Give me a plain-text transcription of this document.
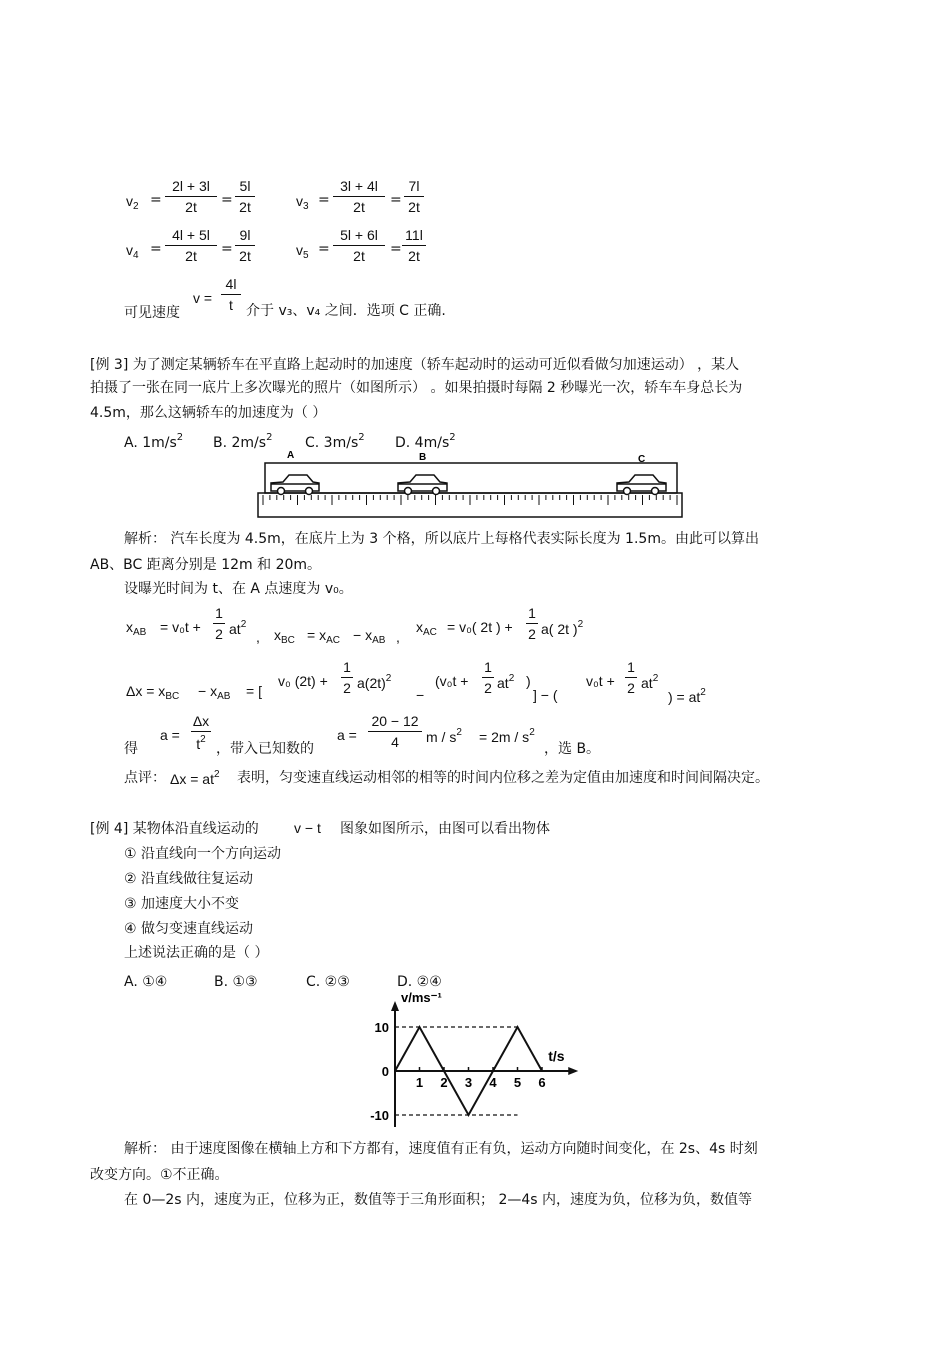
$v_2$ =
2l + 3l
2t	=
5l
2t	$v_3$ =
3l + 4l
2t	=
7l
2t
$v_4$ =
4l + 5l
2t	=
9l
2t	$v_5$ =
5l + 6l
2t	=
11l
2t
可见速度
v =
4l
t 介于 v₃、v₄ 之间．选项 C 正确.
[例 3] 为了测定某辆轿车在平直路上起动时的加速度（轿车起动时的运动可近似看做匀加速运动） ，某人
拍摄了一张在同一底片上多次曝光的照片（如图所示） 。如果拍摄时每隔 2 秒曝光一次，轿车车身总长为
4.5m，那么这辆轿车的加速度为（ ）
A. $1m/s^2$ B. $2m/s^2$ C. $3m/s^2$ D. $4m/s^2$
A	B	C
解析： 汽车长度为 4.5m，在底片上为 3 个格，所以底片上每格代表实际长度为 1.5m。由此可以算出
AB、BC 距离分别是 12m 和 20m。
设曝光时间为 t、在 A 点速度为 v₀。
$x_{AB} = v_0t$ +
1
2 $at^2$
, $x_{BC} = x_{AC} - x_{AB}$ ,
$x_{AC} = v_0$( 2t ) +
1
2 a( 2t )$^2$
$\Delta x = x_{BC} - x_{AB}$ = [
v₀ (2t) +
1
2 $a(2t)^2$
−
(v₀t +
1
2 $at^2$ )
] − (
v₀t +
1
2 $at^2$
) = $at^2$
得
a =
Δx
$t^2$
，带入已知数的
a =
20 − 12
4	$m / s^2 = 2m / s^2$
，选 B。
点评： $\Delta x = at^2$ 表明，匀变速直线运动相邻的相等的时间内位移之差为定值由加速度和时间间隔决定。
[例 4] 某物体沿直线运动的	v − t 图象如图所示，由图可以看出物体
① 沿直线向一个方向运动
② 沿直线做往复运动
③ 加速度大小不变
④ 做匀变速直线运动
上述说法正确的是（ ）
A. ①④	B. ①③	C. ②③	D. ②④
v/ms⁻¹
t/s
10
0
-10
1 2 3 4 5 6
解析： 由于速度图像在横轴上方和下方都有，速度值有正有负，运动方向随时间变化，在 2s、4s 时刻
改变方向。①不正确。
在 0—2s 内，速度为正，位移为正，数值等于三角形面积； 2—4s 内，速度为负，位移为负，数值等
